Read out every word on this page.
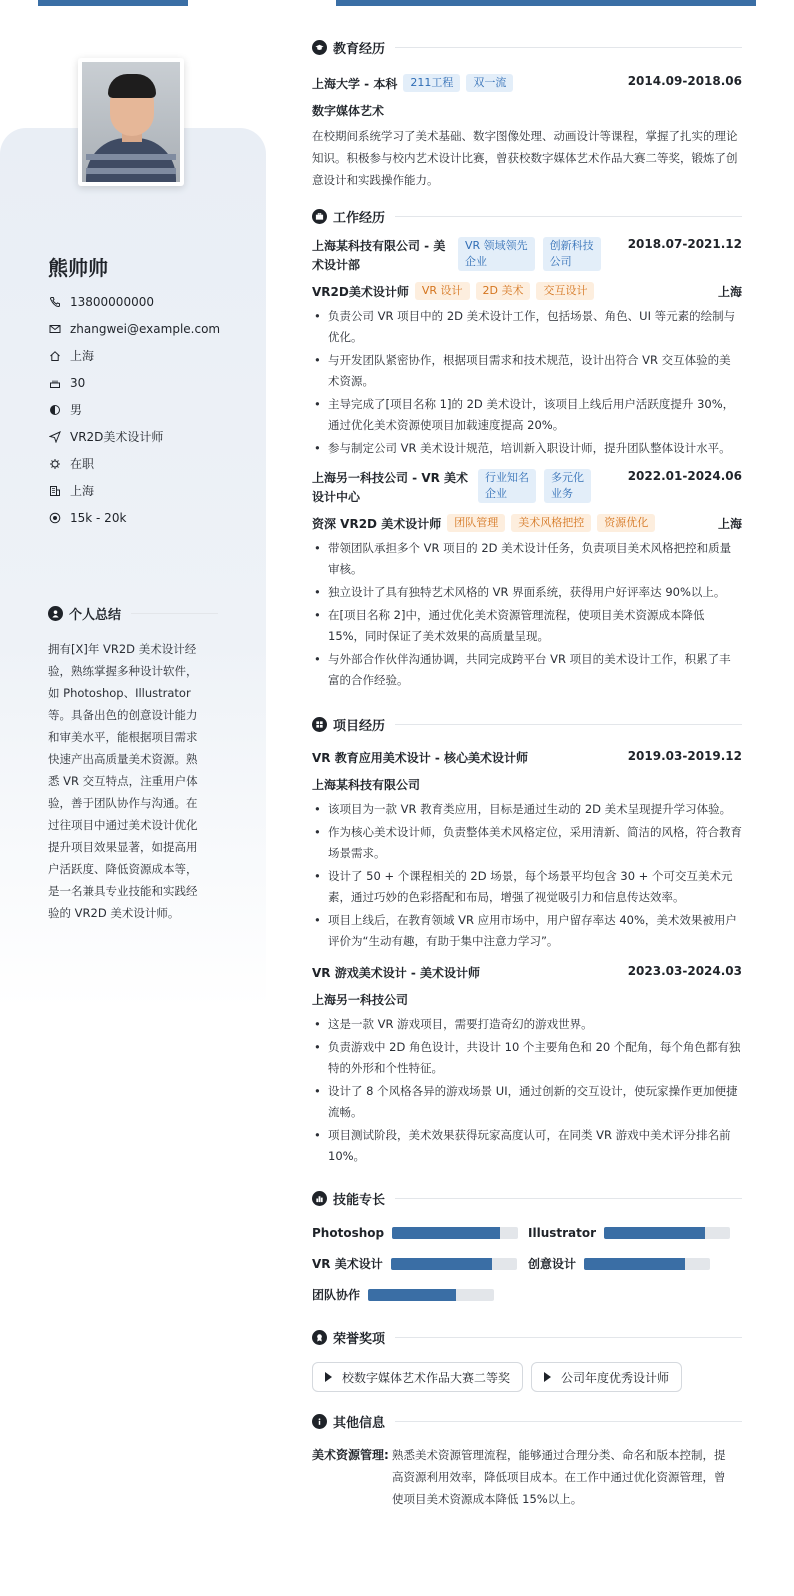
熊帅帅
13800000000
zhangwei@example.com
上海
30
男
VR2D美术设计师
在职
上海
15k - 20k
个人总结
拥有[X]年 VR2D 美术设计经验，熟练掌握多种设计软件，如 Photoshop、Illustrator 等。具备出色的创意设计能力和审美水平，能根据项目需求快速产出高质量美术资源。熟悉 VR 交互特点，注重用户体验，善于团队协作与沟通。在过往项目中通过美术设计优化提升项目效果显著，如提高用户活跃度、降低资源成本等，是一名兼具专业技能和实践经验的 VR2D 美术设计师。
教育经历
上海大学 - 本科	211工程	双一流	2014.09-2018.06
数字媒体艺术
在校期间系统学习了美术基础、数字图像处理、动画设计等课程，掌握了扎实的理论知识。积极参与校内艺术设计比赛，曾获校数字媒体艺术作品大赛二等奖，锻炼了创意设计和实践操作能力。
工作经历
上海某科技有限公司 - 美
术设计部
VR 领域领先
企业
创新科技
公司
2018.07-2021.12
VR2D美术设计师	VR 设计	2D 美术	交互设计	上海
• 负责公司 VR 项目中的 2D 美术设计工作，包括场景、角色、UI 等元素的绘制与优化。
• 与开发团队紧密协作，根据项目需求和技术规范，设计出符合 VR 交互体验的美术资源。
• 主导完成了[项目名称 1]的 2D 美术设计，该项目上线后用户活跃度提升 30%，通过优化美术资源使项目加载速度提高 20%。
• 参与制定公司 VR 美术设计规范，培训新入职设计师，提升团队整体设计水平。
上海另一科技公司 - VR 美术
设计中心
行业知名
企业
多元化
业务
2022.01-2024.06
资深 VR2D 美术设计师	团队管理	美术风格把控	资源优化	上海
• 带领团队承担多个 VR 项目的 2D 美术设计任务，负责项目美术风格把控和质量审核。
• 独立设计了具有独特艺术风格的 VR 界面系统，获得用户好评率达 90%以上。
• 在[项目名称 2]中，通过优化美术资源管理流程，使项目美术资源成本降低 15%，同时保证了美术效果的高质量呈现。
• 与外部合作伙伴沟通协调，共同完成跨平台 VR 项目的美术设计工作，积累了丰富的合作经验。
项目经历
VR 教育应用美术设计 - 核心美术设计师	2019.03-2019.12
上海某科技有限公司
• 该项目为一款 VR 教育类应用，目标是通过生动的 2D 美术呈现提升学习体验。
• 作为核心美术设计师，负责整体美术风格定位，采用清新、简洁的风格，符合教育场景需求。
• 设计了 50 + 个课程相关的 2D 场景，每个场景平均包含 30 + 个可交互美术元素，通过巧妙的色彩搭配和布局，增强了视觉吸引力和信息传达效率。
• 项目上线后，在教育领域 VR 应用市场中，用户留存率达 40%，美术效果被用户评价为“生动有趣，有助于集中注意力学习”。
VR 游戏美术设计 - 美术设计师	2023.03-2024.03
上海另一科技公司
• 这是一款 VR 游戏项目，需要打造奇幻的游戏世界。
• 负责游戏中 2D 角色设计，共设计 10 个主要角色和 20 个配角，每个角色都有独特的外形和个性特征。
• 设计了 8 个风格各异的游戏场景 UI，通过创新的交互设计，使玩家操作更加便捷流畅。
• 项目测试阶段，美术效果获得玩家高度认可，在同类 VR 游戏中美术评分排名前 10%。
技能专长
Photoshop	Illustrator
VR 美术设计	创意设计
团队协作
荣誉奖项
校数字媒体艺术作品大赛二等奖	公司年度优秀设计师
其他信息
美术资源管理: 熟悉美术资源管理流程，能够通过合理分类、命名和版本控制，提高资源利用效率，降低项目成本。在工作中通过优化资源管理，曾使项目美术资源成本降低 15%以上。
